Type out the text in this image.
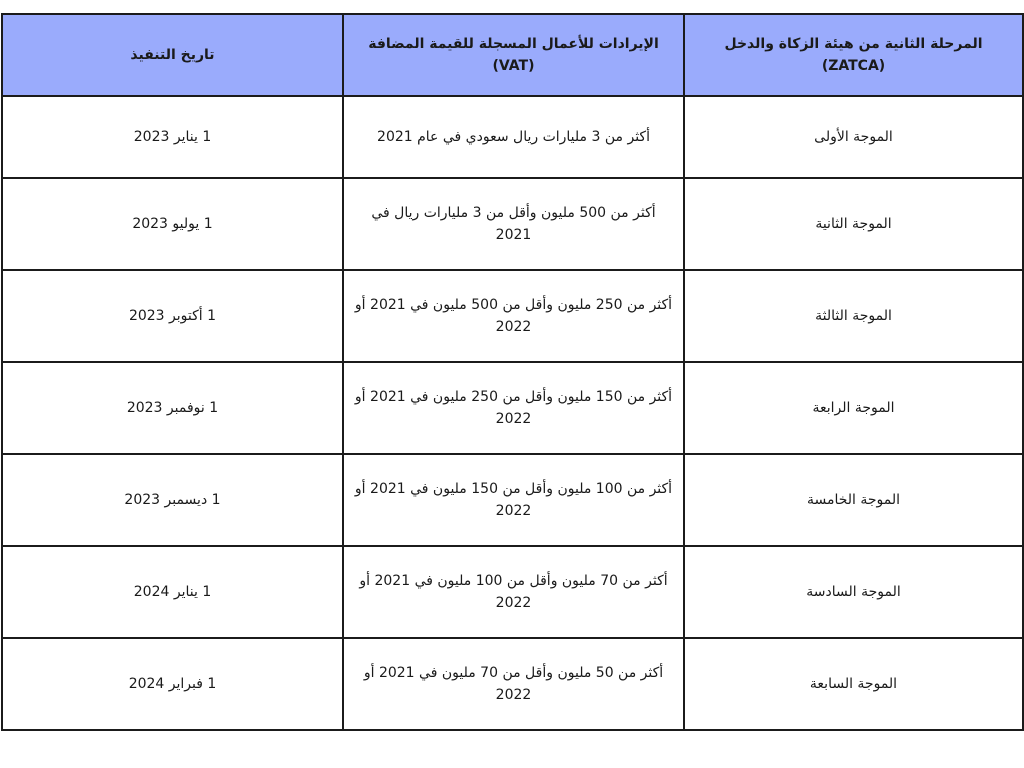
المرحلة الثانية من هيئة الزكاة والدخل (ZATCA)	الإيرادات للأعمال المسجلة للقيمة المضافة (VAT)	تاريخ التنفيذ
الموجة الأولى	أكثر من 3 مليارات ريال سعودي في عام 2021	1 يناير 2023
الموجة الثانية	أكثر من 500 مليون وأقل من 3 مليارات ريال في 2021	1 يوليو 2023
الموجة الثالثة	أكثر من 250 مليون وأقل من 500 مليون في 2021 أو 2022	1 أكتوبر 2023
الموجة الرابعة	أكثر من 150 مليون وأقل من 250 مليون في 2021 أو 2022	1 نوفمبر 2023
الموجة الخامسة	أكثر من 100 مليون وأقل من 150 مليون في 2021 أو 2022	1 ديسمبر 2023
الموجة السادسة	أكثر من 70 مليون وأقل من 100 مليون في 2021 أو 2022	1 يناير 2024
الموجة السابعة	أكثر من 50 مليون وأقل من 70 مليون في 2021 أو 2022	1 فبراير 2024
